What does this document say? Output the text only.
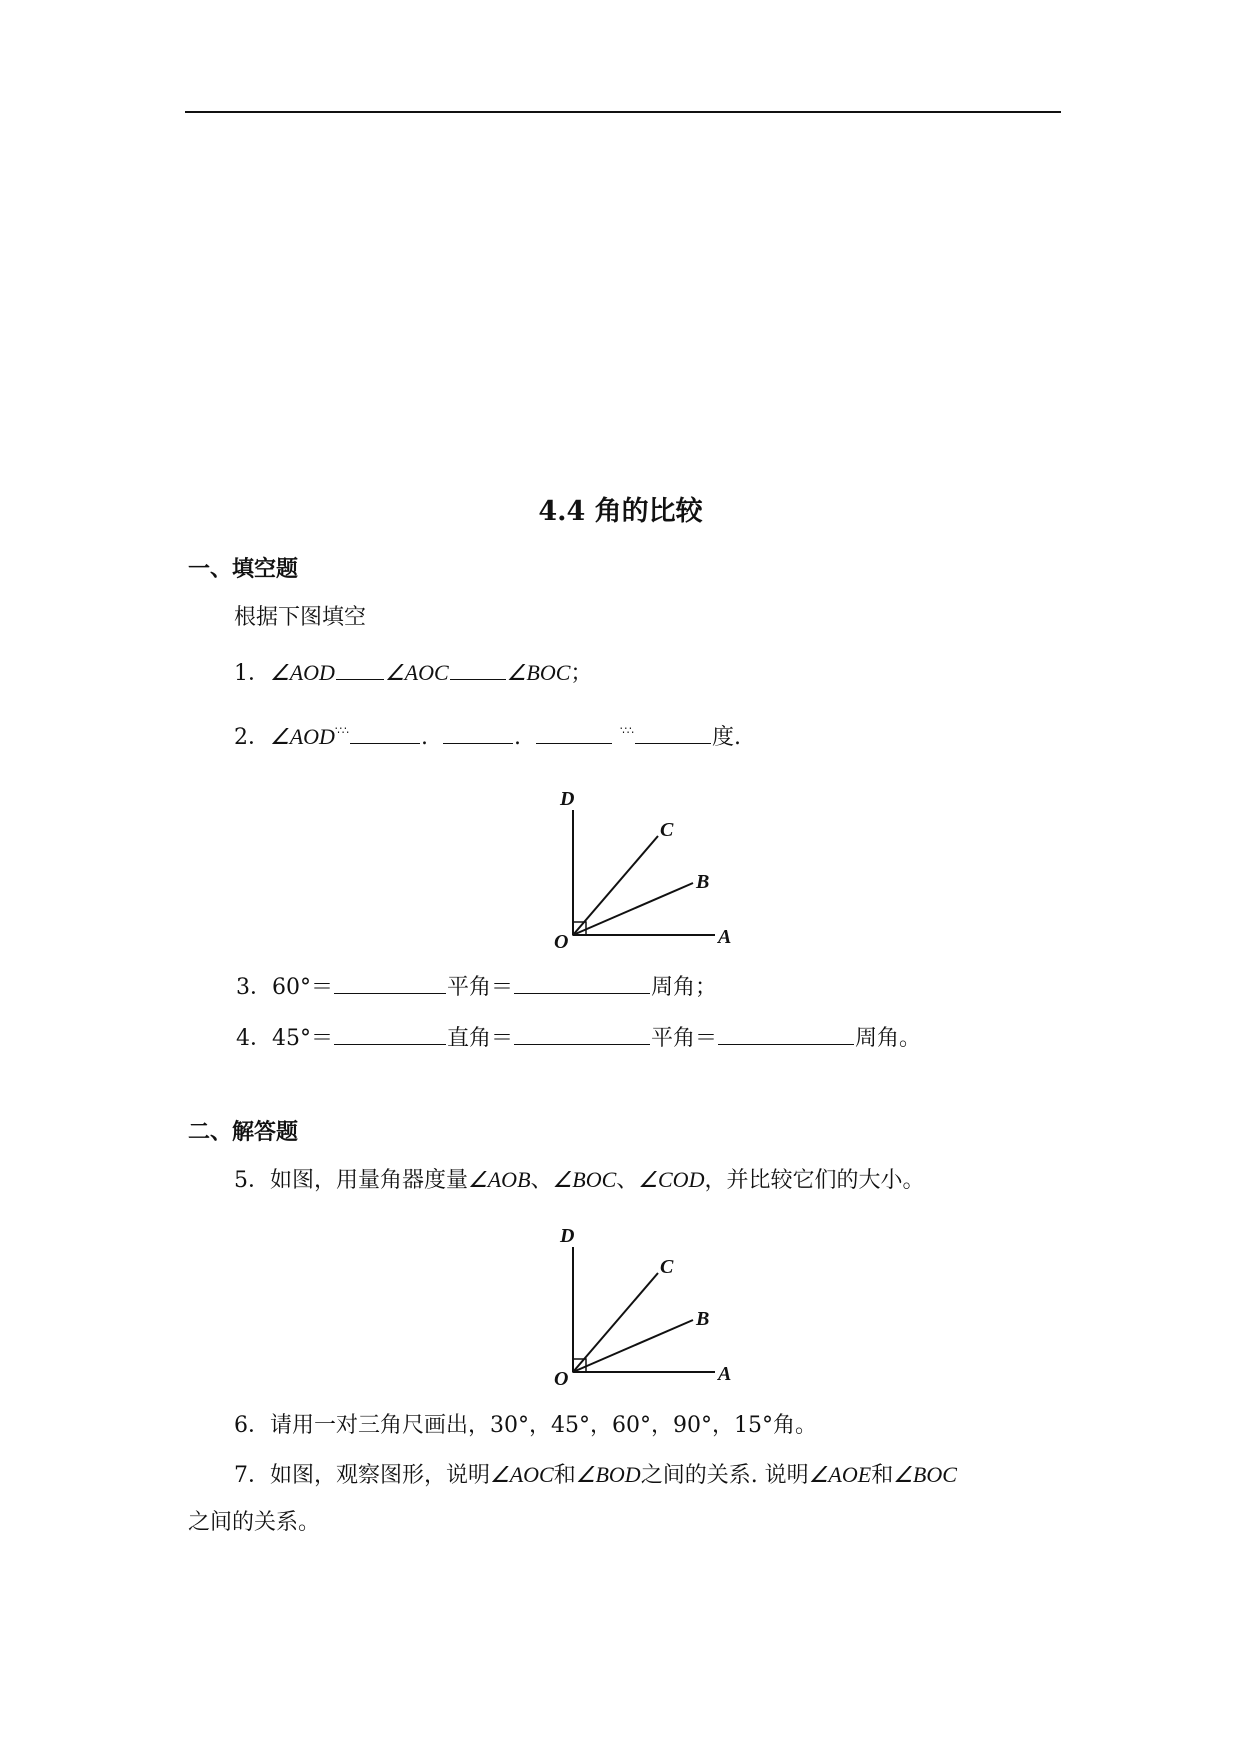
4.4 角的比较
一、填空题
根据下图填空
1．∠AOD ∠AOC	∠BOC；
2．∠AOD∵∴	.	.	∵∴	度.
D
C
B
O	A
3．60°＝	平角＝	周角；
4．45°＝	直角＝	平角＝	周角。
二、解答题
5．如图，用量角器度量∠AOB、∠BOC、∠COD，并比较它们的大小。
D
C
B
O	A
6．请用一对三角尺画出，30°，45°，60°，90°，15°角。
7．如图，观察图形，说明∠AOC和∠BOD之间的关系. 说明∠AOE和∠BOC
之间的关系。
